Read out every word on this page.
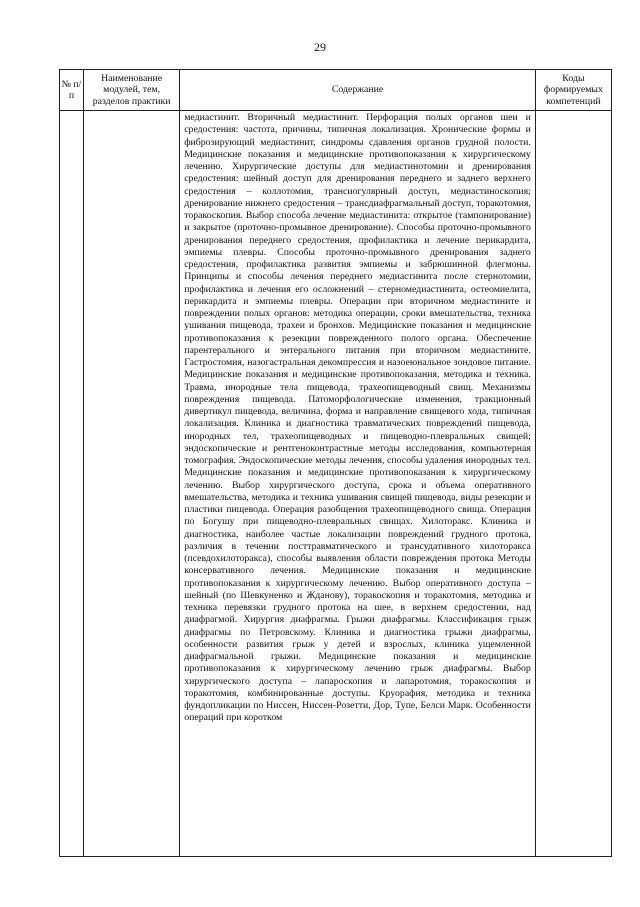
29
№ п/п	Наименование модулей, тем, разделов практики	Содержание	Коды формируемых компетенций
		медиастинит. Вторичный медиастинит. Перфорация полых органов шеи и средостения: частота, причины, типичная локализация. Хронические формы и фиброзирующий медиастинит, синдромы сдавления органов грудной полости. Медицинские показания и медицинские противопоказания к хирургическому лечению. Хирургические доступы для медиастинотомии и дренирования средостения: шейный доступ для дренирования переднего и заднего верхнего средостения – коллотомия, трансиогулярный доступ, медиастиноскопия; дренирование нижнего средостения – трансдиафрагмальный доступ, торакотомия, торакоскопия. Выбор способа лечение медиастинита: открытое (тампонирование) и закрытое (проточно-промывное дренирование). Способы проточно-промывного дренирования переднего средостения, профилактика и лечение перикардита, эмпиемы плевры. Способы проточно-промывного дренирования заднего средостения, профилактика развития эмпиемы и забрюшинной флегмоны. Принципы и способы лечения переднего медиастинита после стернотомии, профилактика и лечения его осложнений – стерномедиастинита, остеомиелита, перикардита и эмпиемы плевры. Операции при вторичном медиастините и повреждении полых органов: методика операции, сроки вмешательства, техника ушивания пищевода, трахеи и бронхов. Медицинские показания и медицинские противопоказания к резекции поврежденного полого органа. Обеспечение парентерального и энтерального питания при вторичном медиастините. Гастростомия, назогастральная декомпрессия и назоеюнальное зондовое питание. Медицинские показания и медицинские противопоказания, методика и техника. Травма, инородные тела пищевода, трахеопищеводный свищ. Механизмы повреждения пищевода. Патоморфологические изменения, тракционный дивертикул пищевода, величина, форма и направление свищевого хода, типичная локализация. Клиника и диагностика травматических повреждений пищевода, инородных тел, трахеопищеводных и пищеводно-плевральных свищей; эндоскопические и рентгеноконтрастные методы исследования, компьютерная томография. Эндоскопические методы лечения, способы удаления инородных тел. Медицинские показания и медицинские противопоказания к хирургическому лечению. Выбор хирургического доступа, срока и объема оперативного вмешательства, методика и техника ушивания свищей пищевода, виды резекции и пластики пищевода. Операция разобщения трахеопищеводного свища. Операция по Богушу при пищеводно-плевральных свищах. Хилоторакс. Клиника и диагностика, наиболее частые локализации повреждений грудного протока, различия в течении посттравматического и трансудативного хилоторакса (псевдохилоторакса), способы выявления области повреждения протока Методы консервативного лечения. Медицинские показания и медицинские противопоказания к хирургическому лечению. Выбор оперативного доступа – шейный (по Шевкуненко и Жданову), торакоскопия и торакотомия, методика и техника перевязки грудного протока на шее, в верхнем средостении, над диафрагмой. Хирургия диафрагмы. Грыжи диафрагмы. Классификация грыж диафрагмы по Петровскому. Клиника и диагностика грыжи диафрагмы, особенности развития грыж у детей и взрослых, клиника ущемленной диафрагмальной грыжи. Медицинские показания и медицинские противопоказания к хирургическому лечению грыж диафрагмы. Выбор хирургического доступа – лапароскопия и лапаротомия, торакоскопия и торакотомия, комбинированные доступы. Круорафия, методика и техника фундопликации по Ниссен, Ниссен-Розетти, Дор, Тупе, Белси Марк. Особенности операций при коротком	
